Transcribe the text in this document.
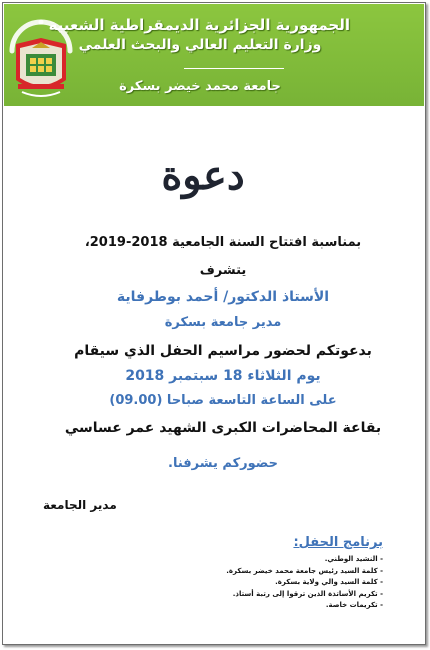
الجمهورية الجزائرية الديمقراطية الشعبية
وزارة التعليم العالي والبحث العلمي
جامعة محمد خيضر بسكرة
دعوة
بمناسبة افتتاح السنة الجامعية 2018-2019،
يتشرف
الأستاذ الدكتور/ أحمد بوطرفاية
مدير جامعة بسكرة
بدعوتكم لحضور مراسيم الحفل الذي سيقام
يوم الثلاثاء 18 سبتمبر 2018
على الساعة التاسعة صباحا (09.00)
بقاعة المحاضرات الكبرى الشهيد عمر عساسي
حضوركم يشرفنا.
مدير الجامعة
برنامج الحفل:
- النشيد الوطني.
- كلمة السيد رئيس جامعة محمد خيضر بسكرة.
- كلمة السيد والي ولاية بسكرة.
- تكريم الأساتذة الذين ترقوا إلى رتبة أستاذ.
- تكريمات خاصة.
